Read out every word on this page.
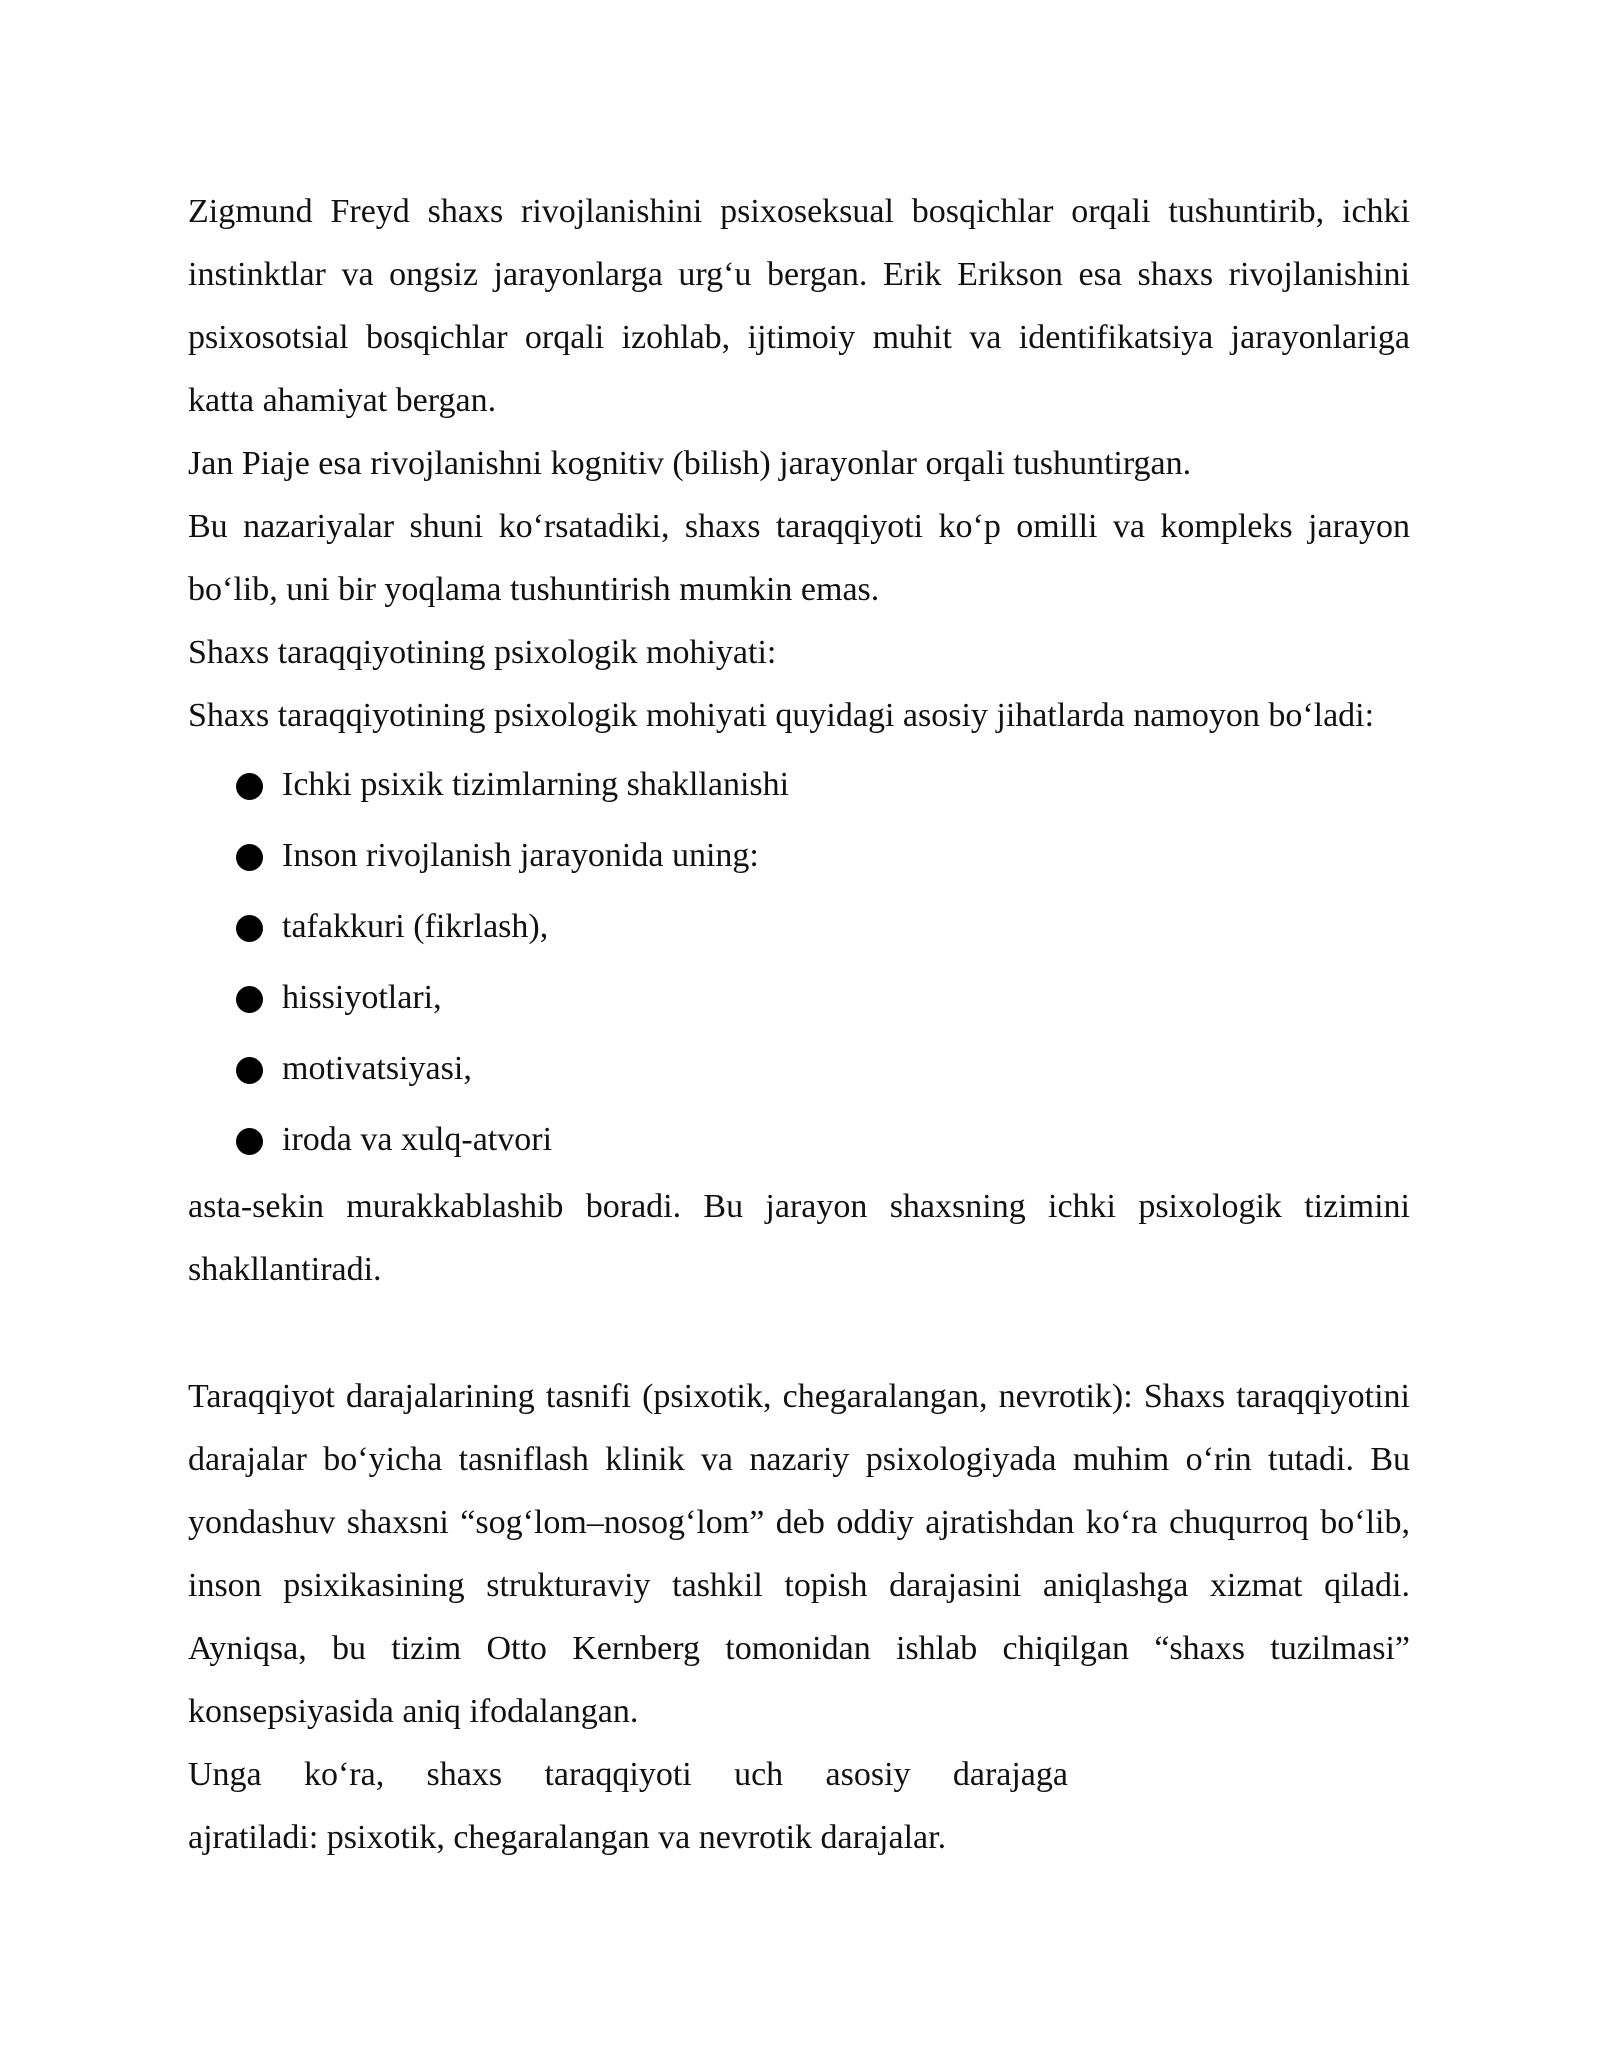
Zigmund Freyd shaxs rivojlanishini psixoseksual bosqichlar orqali tushuntirib, ichki instinktlar va ongsiz jarayonlarga urg‘u bergan. Erik Erikson esa shaxs rivojlanishini psixosotsial bosqichlar orqali izohlab, ijtimoiy muhit va identifikatsiya jarayonlariga katta ahamiyat bergan.

Jan Piaje esa rivojlanishni kognitiv (bilish) jarayonlar orqali tushuntirgan.

Bu nazariyalar shuni ko‘rsatadiki, shaxs taraqqiyoti ko‘p omilli va kompleks jarayon bo‘lib, uni bir yoqlama tushuntirish mumkin emas.

Shaxs taraqqiyotining psixologik mohiyati:

Shaxs taraqqiyotining psixologik mohiyati quyidagi asosiy jihatlarda namoyon bo‘ladi:

Ichki psixik tizimlarning shakllanishi
Inson rivojlanish jarayonida uning:
tafakkuri (fikrlash),
hissiyotlari,
motivatsiyasi,
iroda va xulq-atvori

asta-sekin murakkablashib boradi. Bu jarayon shaxsning ichki psixologik tizimini shakllantiradi.

Taraqqiyot darajalarining tasnifi (psixotik, chegaralangan, nevrotik): Shaxs taraqqiyotini darajalar bo‘yicha tasniflash klinik va nazariy psixologiyada muhim o‘rin tutadi. Bu yondashuv shaxsni “sog‘lom–nosog‘lom” deb oddiy ajratishdan ko‘ra chuqurroq bo‘lib, inson psixikasining strukturaviy tashkil topish darajasini aniqlashga xizmat qiladi. Ayniqsa, bu tizim Otto Kernberg tomonidan ishlab chiqilgan “shaxs tuzilmasi” konsepsiyasida aniq ifodalangan.

Unga ko‘ra, shaxs taraqqiyoti uch asosiy darajaga

ajratiladi: psixotik, chegaralangan va nevrotik darajalar.
